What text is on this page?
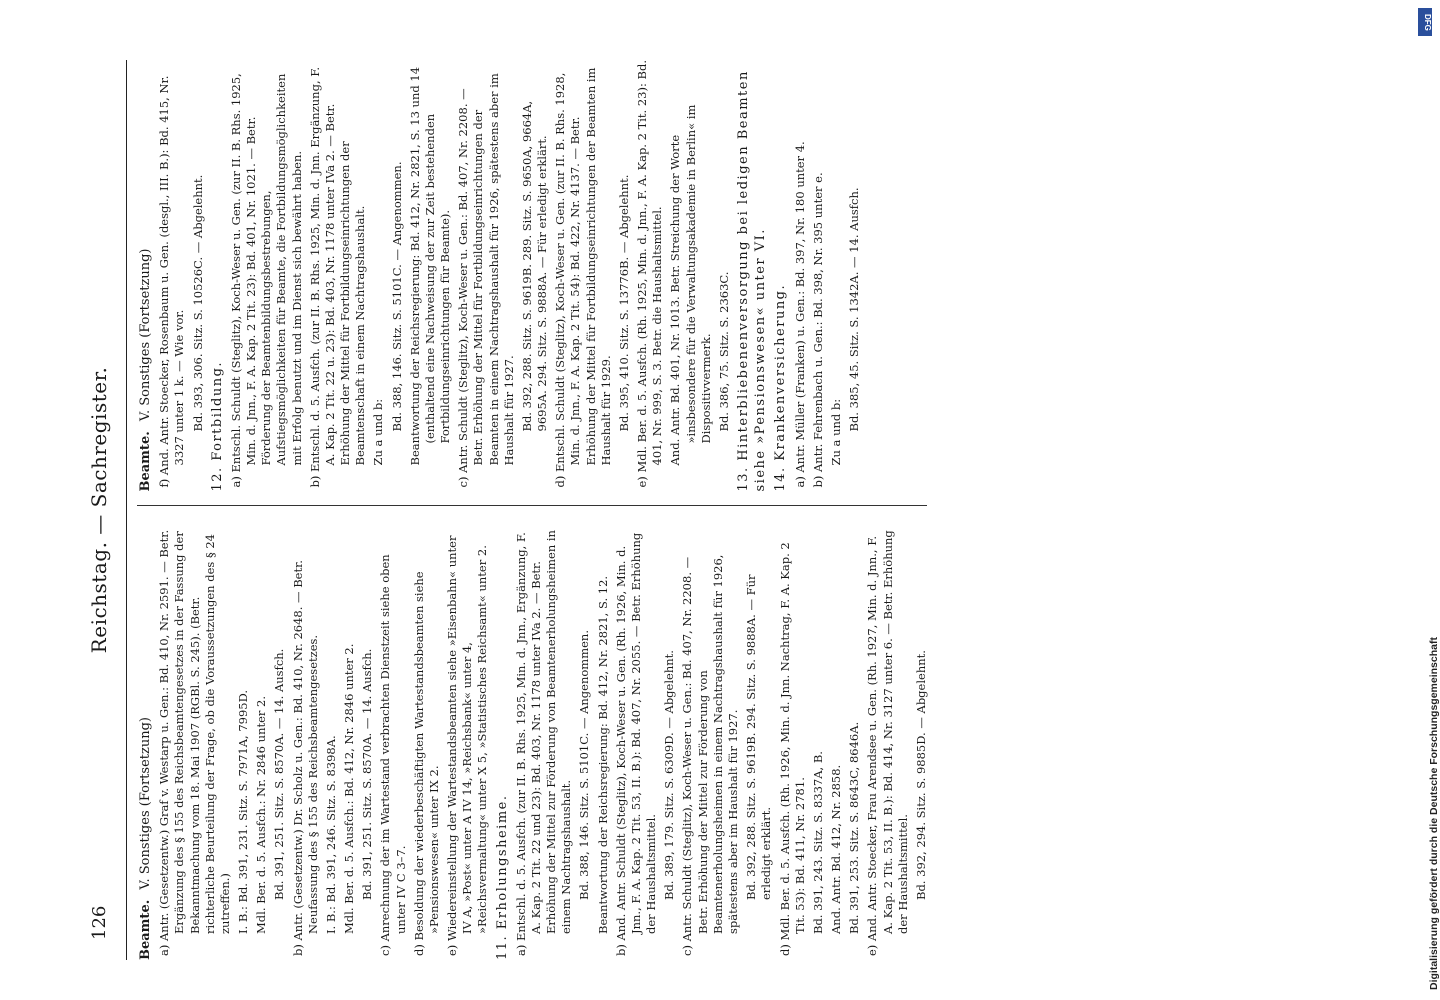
126
Reichstag. — Sachregister.
Beamte. V. Sonstiges (Fortsetzung) a) Antr. (Gesetzentw.) Graf v. Westarp u. Gen.: Bd. 410, Nr. 2591. — Betr. Ergänzung des § 155 des Reichsbeamtengesetzes in der Fassung der Bekanntmachung vom 18. Mai 1907 (RGBl. S. 245). (Betr. richterliche Beurteilung der Frage, ob die Voraussetzungen des § 24 zutreffen.) I. B.: Bd. 391, 231. Sitz. S. 7971A, 7995D. Mdl. Ber. d. 5. Ausfch.: Nr. 2846 unter 2. Bd. 391, 251. Sitz. S. 8570A. — 14. Ausfch. b) Antr. (Gesetzentw.) Dr. Scholz u. Gen.: Bd. 410, Nr. 2648. — Betr. Neufassung des § 155 des Reichsbeamtengesetzes. I. B.: Bd. 391, 246. Sitz. S. 8398A. Mdl. Ber. d. 5. Ausfch.: Bd. 412, Nr. 2846 unter 2. Bd. 391, 251. Sitz. S. 8570A. — 14. Ausfch. c) Anrechnung der im Wartestand verbrachten Dienstzeit siehe oben unter IV C 3–7. d) Besoldung der wiederbeschäftigten Wartestandsbeamten siehe »Pensionswesen« unter IX 2. e) Wiedereinstellung der Wartestandsbeamten siehe »Eisenbahn« unter IV A, »Post« unter A IV 14, »Reichsbank« unter 4, »Reichsvermaltung« unter X 5, »Statistisches Reichsamt« unter 2. 11. Erholungsheime. a) Entschl. d. 5. Ausfch. (zur II. B. Rhs. 1925, Min. d. Jnn., Ergänzung, F. A. Kap. 2 Tit. 22 und 23): Bd. 403, Nr. 1178 unter IVa 2. — Betr. Erhöhung der Mittel zur Förderung von Beamtenerholungsheimen in einem Nachtragshaushalt. Bd. 388, 146. Sitz. S. 5101C. — Angenommen. Beantwortung der Reichsregierung: Bd. 412, Nr. 2821, S. 12. b) And. Antr. Schuldt (Steglitz), Koch-Weser u. Gen. (Rh. 1926, Min. d. Jnn., F. A. Kap. 2 Tit. 53, II. B.): Bd. 407, Nr. 2055. — Betr. Erhöhung der Haushaltsmittel. Bd. 389, 179. Sitz. S. 6309D. — Abgelehnt. c) Antr. Schuldt (Steglitz), Koch-Weser u. Gen.: Bd. 407, Nr. 2208. — Betr. Erhöhung der Mittel zur Förderung von Beamtenerholungsheimen in einem Nachtragshaushalt für 1926, spätestens aber im Haushalt für 1927. Bd. 392, 288. Sitz. S. 9619B. 294. Sitz. S. 9888A. — Für erledigt erklärt. d) Mdl. Ber. d. 5. Ausfch. (Rh. 1926, Min. d. Jnn. Nachtrag, F. A. Kap. 2 Tit. 53): Bd. 411, Nr. 2781. Bd. 391, 243. Sitz. S. 8337A, B. And. Antr. Bd. 412, Nr. 2858. Bd. 391, 253. Sitz. S. 8643C, 8646A. e) And. Antr. Stoecker, Frau Arendsee u. Gen. (Rh. 1927, Min. d. Jnn., F. A. Kap. 2 Tit. 53, II. B.): Bd. 414, Nr. 3127 unter 6. — Betr. Erhöhung der Haushaltsmittel. Bd. 392, 294. Sitz. S. 9885D. — Abgelehnt.
Beamte. V. Sonstiges (Fortsetzung) f) And. Antr. Stoecker, Rosenbaum u. Gen. (desgl., III. B.): Bd. 415, Nr. 3327 unter 1 k. — Wie vor. Bd. 393, 306. Sitz. S. 10526C. — Abgelehnt. 12. Fortbildung. a) Entschl. Schuldt (Steglitz), Koch-Weser u. Gen. (zur II. B. Rhs. 1925, Min. d. Jnn., F. A. Kap. 2 Tit. 23): Bd. 401, Nr. 1021. — Betr. Förderung der Beamtenbildungsbestrebungen, Aufstiegsmöglichkeiten für Beamte, die Fortbildungsmöglichkeiten mit Erfolg benutzt und im Dienst sich bewährt haben. b) Entschl. d. 5. Ausfch. (zur II. B. Rhs. 1925, Min. d. Jnn. Ergänzung, F. A. Kap. 2 Tit. 22 u. 23): Bd. 403, Nr. 1178 unter IVa 2. — Betr. Erhöhung der Mittel für Fortbildungseinrichtungen der Beamtenschaft in einem Nachtragshaushalt. Zu a und b:
Bd. 388, 146. Sitz. S. 5101C. — Angenommen. Beantwortung der Reichsregierung: Bd. 412, Nr. 2821, S. 13 und 14 (enthaltend eine Nachweisung der zur Zeit bestehenden Fortbildungseinrichtungen für Beamte). c) Antr. Schuldt (Steglitz), Koch-Weser u. Gen.: Bd. 407, Nr. 2208. — Betr. Erhöhung der Mittel für Fortbildungseinrichtungen der Beamten in einem Nachtragshaushalt für 1926, spätestens aber im Haushalt für 1927. Bd. 392, 288. Sitz. S. 9619B. 289. Sitz. S. 9650A, 9664A, 9695A. 294. Sitz. S. 9888A. — Für erledigt erklärt. d) Entschl. Schuldt (Steglitz), Koch-Weser u. Gen. (zur II. B. Rhs. 1928, Min. d. Jnn., F. A. Kap. 2 Tit. 54): Bd. 422, Nr. 4137. — Betr. Erhöhung der Mittel für Fortbildungseinrichtungen der Beamten im Haushalt für 1929. Bd. 395, 410. Sitz. S. 13776B. — Abgelehnt. e) Mdl. Ber. d. 5. Ausfch. (Rh. 1925, Min. d. Jnn., F. A. Kap. 2 Tit. 23): Bd. 401, Nr. 999, S. 3. Betr. die Haushaltsmittel. And. Antr. Bd. 401, Nr. 1013. Betr. Streichung der Worte »insbesondere für die Verwaltungsakademie in Berlin« im Dispositivvermerk. Bd. 386, 75. Sitz. S. 2363C. 13. Hinterbliebenenversorgung bei ledigen Beamten siehe »Pensionswesen« unter VI. 14. Krankenversicherung. a) Antr. Müller (Franken) u. Gen.: Bd. 397, Nr. 180 unter 4. b) Antr. Fehrenbach u. Gen.: Bd. 398, Nr. 395 unter e. Zu a und b:
Bd. 385, 45. Sitz. S. 1342A. — 14. Ausfch.
DFG
Digitalisierung gefördert durch die Deutsche Forschungsgemeinschaft
